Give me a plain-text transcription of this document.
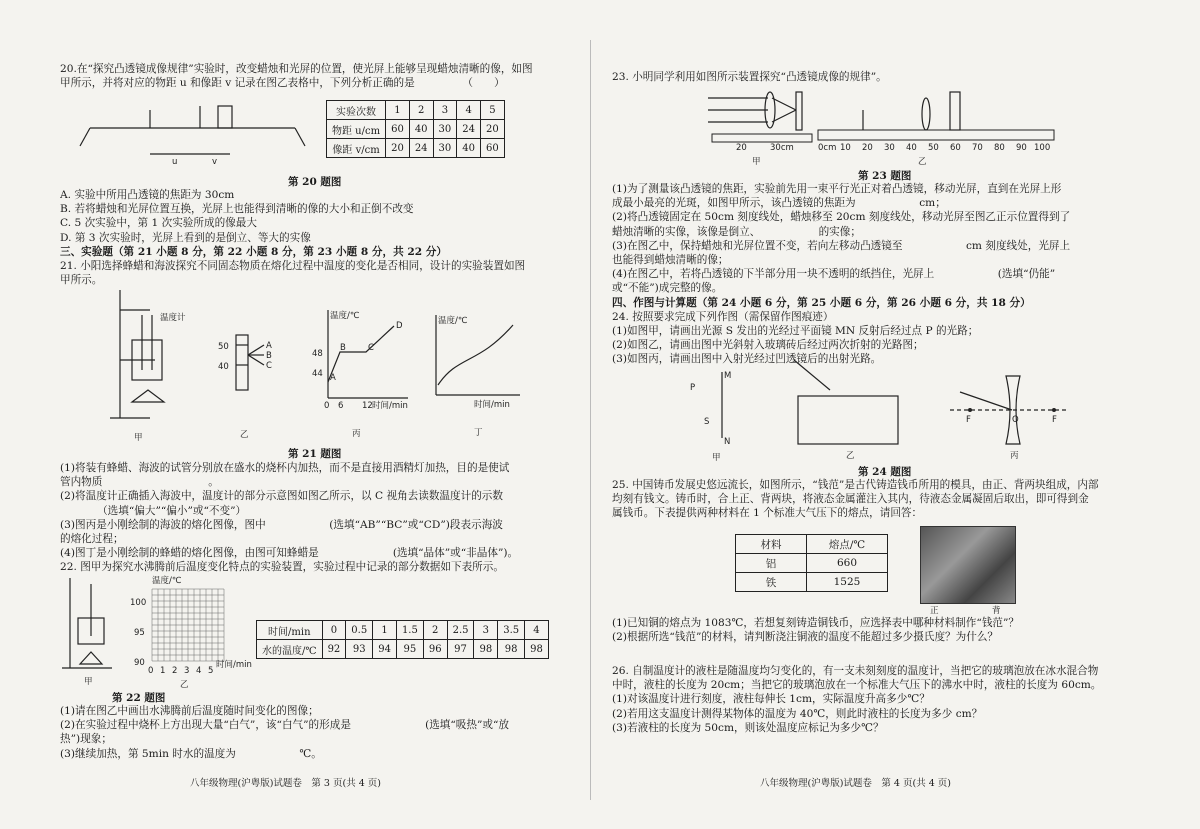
20.在“探究凸透镜成像规律”实验时，改变蜡烛和光屏的位置，使光屏上能够呈现蜡烛清晰的像，如图
甲所示，并将对应的物距 u 和像距 v 记录在图乙表格中，下列分析正确的是　　　　　（　　）
u	v
实验次数	1	2	3	4	5
物距 u/cm	60	40	30	24	20
像距 v/cm	20	24	30	40	60
第 20 题图
A. 实验中所用凸透镜的焦距为 30cm
B. 若将蜡烛和光屏位置互换，光屏上也能得到清晰的像的大小和正倒不改变
C. 5 次实验中，第 1 次实验所成的像最大
D. 第 3 次实验时，光屏上看到的是倒立、等大的实像
三、实验题（第 21 小题 8 分，第 22 小题 8 分，第 23 小题 8 分，共 22 分）
21. 小阳选择蜂蜡和海波探究不同固态物质在熔化过程中温度的变化是否相同，设计的实验装置如图
甲所示。
温度计
甲
50
40
A
B
C
乙
温度/℃
48
44
0 6 12 时间/min
A
B	C
D
丙
温度/℃
时间/min
丁
第 21 题图
(1)将装有蜂蜡、海波的试管分别放在盛水的烧杯内加热，而不是直接用酒精灯加热，目的是使试
管内物质　　　　　　　　　　。
(2)将温度计正确插入海波中，温度计的部分示意图如图乙所示，以 C 视角去读数温度计的示数
　　　　（选填“偏大”“偏小”或“不变”）
(3)图丙是小刚绘制的海波的熔化图像，图中　　　　　　(选填“AB”“BC”或“CD”)段表示海波
的熔化过程；
(4)图丁是小刚绘制的蜂蜡的熔化图像，由图可知蜂蜡是　　　　　　　(选填“晶体”或“非晶体”)。
22. 图甲为探究水沸腾前后温度变化特点的实验装置，实验过程中记录的部分数据如下表所示。
甲
温度/℃
100
95
90
0 1 2 3 4 5
时间/min
乙
时间/min	0	0.5	1	1.5	2	2.5	3	3.5	4
水的温度/℃	92	93	94	95	96	97	98	98	98
第 22 题图
(1)请在图乙中画出水沸腾前后温度随时间变化的图像；
(2)在实验过程中烧杯上方出现大量“白气”，该“白气”的形成是　　　　　　　(选填“吸热”或“放
热”)现象；
(3)继续加热，第 5min 时水的温度为　　　　　　℃。
八年级物理(沪粤版)试题卷　第 3 页(共 4 页)
23. 小明同学利用如图所示装置探究“凸透镜成像的规律”。
20	30cm
甲
0cm 10 20 30 40 50 60 70 80 90 100
乙
第 23 题图
(1)为了测量该凸透镜的焦距，实验前先用一束平行光正对着凸透镜，移动光屏，直到在光屏上形
成最小最亮的光斑，如图甲所示，该凸透镜的焦距为　　　　　　cm；
(2)将凸透镜固定在 50cm 刻度线处，蜡烛移至 20cm 刻度线处，移动光屏至图乙正示位置得到了
蜡烛清晰的实像，该像是倒立、　　　　　　的实像；
(3)在图乙中，保持蜡烛和光屏位置不变，若向左移动凸透镜至　　　　　　cm 刻度线处，光屏上
也能得到蜡烛清晰的像；
(4)在图乙中，若将凸透镜的下半部分用一块不透明的纸挡住，光屏上　　　　　　(选填“仍能”
或“不能”)成完整的像。
四、作图与计算题（第 24 小题 6 分，第 25 小题 6 分，第 26 小题 6 分，共 18 分）
24. 按照要求完成下列作图（需保留作图痕迹）
(1)如图甲，请画出光源 S 发出的光经过平面镜 MN 反射后经过点 P 的光路；
(2)如图乙，请画出图中光斜射入玻璃砖后经过两次折射的光路图；
(3)如图丙，请画出图中入射光经过凹透镜后的出射光路。
M
N
P
S
甲	乙
F	O	F
丙
第 24 题图
25. 中国铸币发展史悠远流长，如图所示，“钱范”是古代铸造钱币所用的模具，由正、背两块组成，内部
均刻有钱文。铸币时，合上正、背两块，将液态金属灌注入其内，待液态金属凝固后取出，即可得到金
属钱币。下表提供两种材料在 1 个标准大气压下的熔点，请回答：
材料	熔点/℃
铝	660
铁	1525
正	背
(1)已知铜的熔点为 1083℃，若想复刻铸造铜钱币，应选择表中哪种材料制作“钱范”？
(2)根据所选“钱范”的材料，请判断浇注铜液的温度不能超过多少摄氏度？为什么？
26. 自制温度计的液柱是随温度均匀变化的，有一支未刻刻度的温度计，当把它的玻璃泡放在冰水混合物
中时，液柱的长度为 20cm；当把它的玻璃泡放在一个标准大气压下的沸水中时，液柱的长度为 60cm。
(1)对该温度计进行刻度，液柱每伸长 1cm，实际温度升高多少℃？
(2)若用这支温度计测得某物体的温度为 40℃，则此时液柱的长度为多少 cm？
(3)若液柱的长度为 50cm，则该处温度应标记为多少℃？
八年级物理(沪粤版)试题卷　第 4 页(共 4 页)
